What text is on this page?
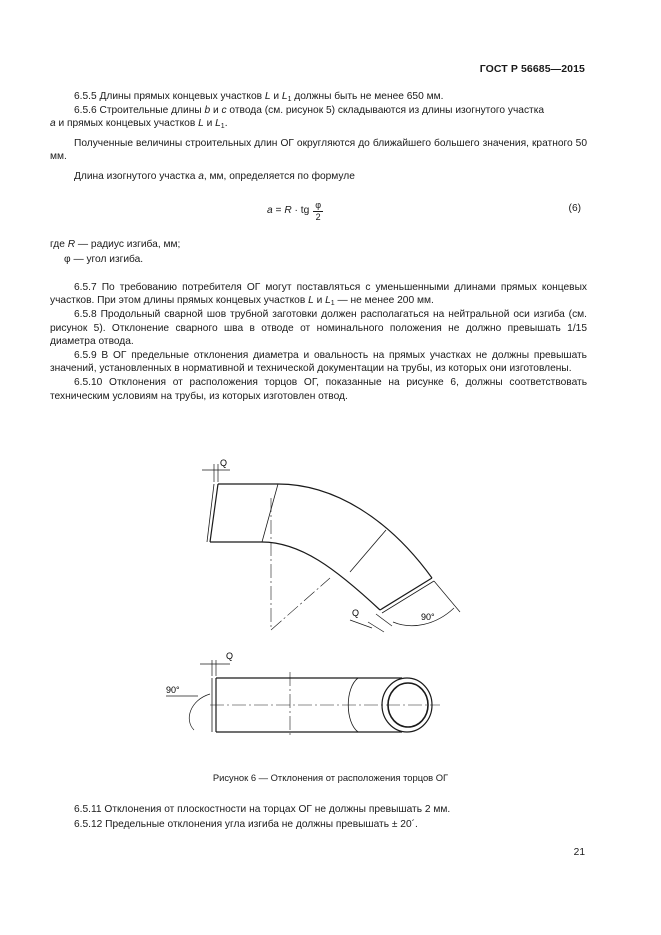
ГОСТ Р 56685—2015

6.5.5 Длины прямых концевых участков L и $L_1$ должны быть не менее 650 мм.

6.5.6 Строительные длины b и c отвода (см. рисунок 5) складываются из длины изогнутого участка
a и прямых концевых участков L и $L_1$.

Полученные величины строительных длин ОГ округляются до ближайшего большего значения, кратного 50 мм.

Длина изогнутого участка a, мм, определяется по формуле

a
=
R
· tg $\frac{\varphi}{2}$	(6)

где R — радиус изгиба, мм;

φ — угол изгиба.

6.5.7 По требованию потребителя ОГ могут поставляться с уменьшенными длинами прямых концевых участков. При этом длины прямых концевых участков L и $L_1$ — не менее 200 мм.

6.5.8 Продольный сварной шов трубной заготовки должен располагаться на нейтральной оси изгиба (см. рисунок 5). Отклонение сварного шва в отводе от номинального положения не должно превышать 1/15 диаметра отвода.

6.5.9 В ОГ предельные отклонения диаметра и овальность на прямых участках не должны превышать значений, установленных в нормативной и технической документации на трубы, из которых они изготовлены.

6.5.10 Отклонения от расположения торцов ОГ, показанные на рисунке 6, должны соответствовать техническим условиям на трубы, из которых изготовлен отвод.

Q
Q
Q
90°
90°
Рисунок 6 — Отклонения от расположения торцов ОГ

6.5.11 Отклонения от плоскостности на торцах ОГ не должны превышать 2 мм.

6.5.12 Предельные отклонения угла изгиба не должны превышать ± 20´.

21
